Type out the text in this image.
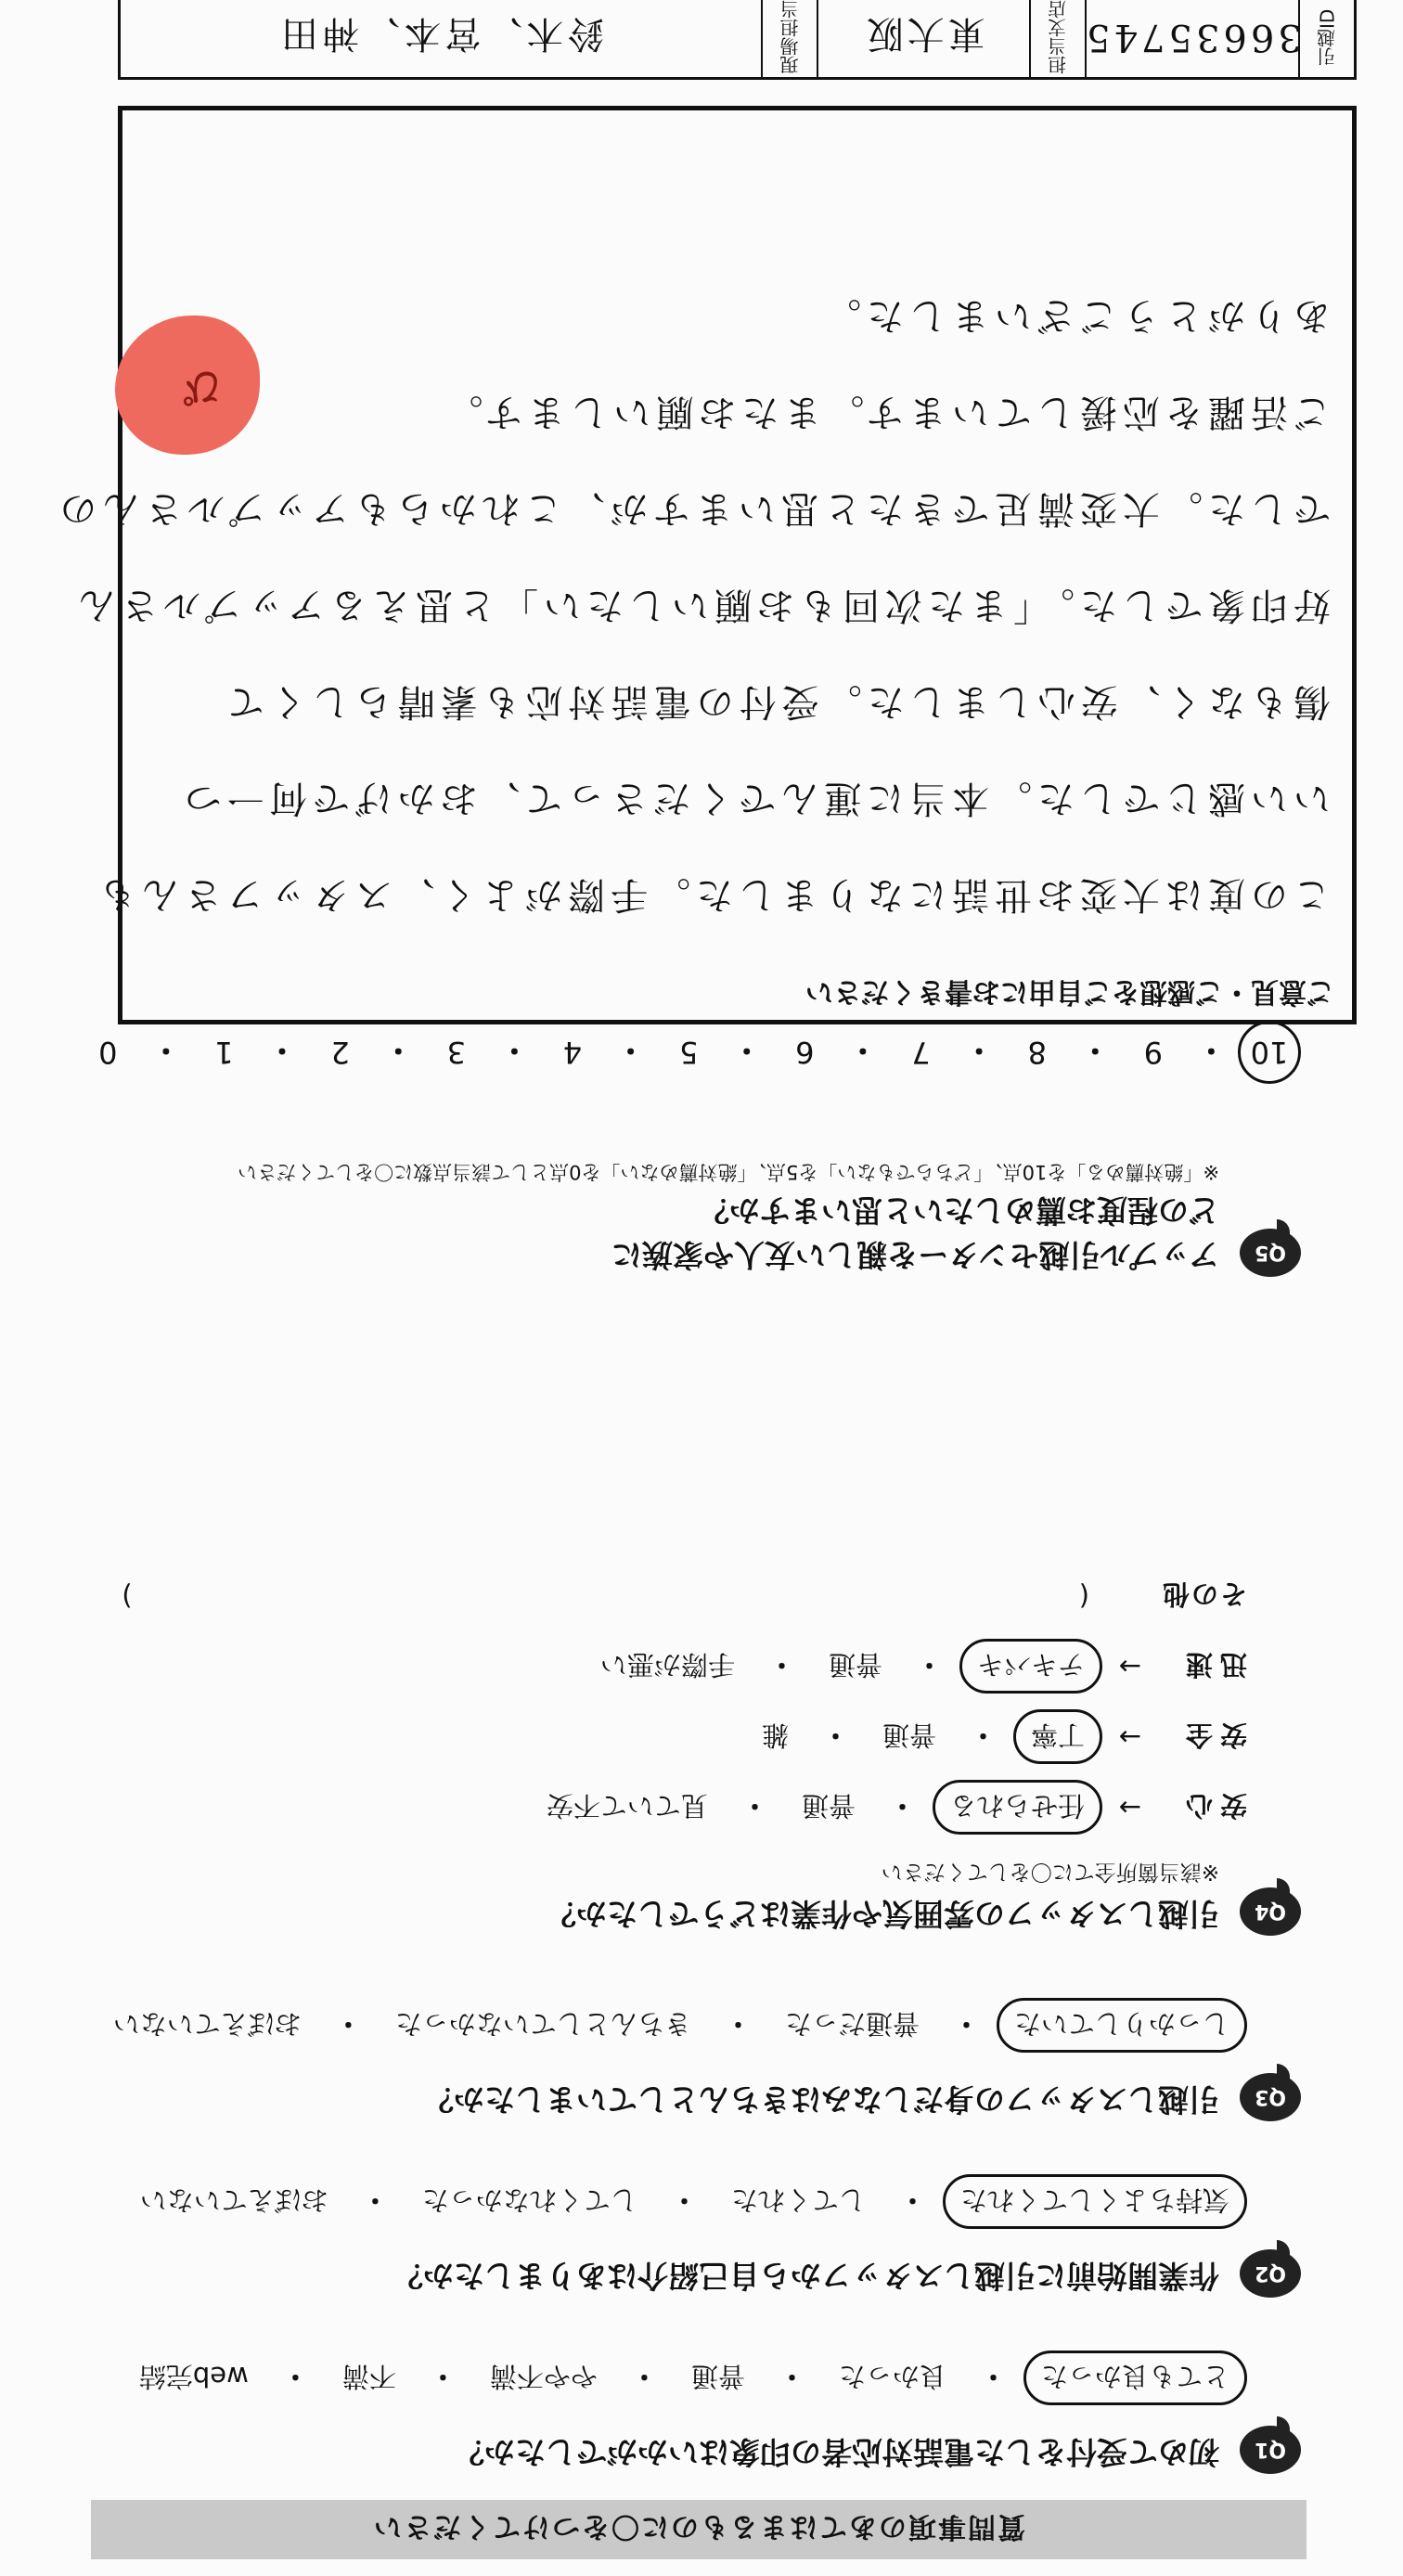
質問事項のあてはまるものに〇をつけてください
Q1
初めて受付をした電話対応者の印象はいかがでしたか？
とても良かった
・
良かった
・
普通
・
やや不満
・
不満
・
web完結
Q2
作業開始前に引越しスタッフから自己紹介はありましたか？
気持ちよくしてくれた
・
してくれた
・
してくれなかった
・
おぼえていない
Q3
引越しスタッフの身だしなみはきちんとしていましたか？
しっかりしていた
・
普通だった
・
きちんとしていなかった
・
おぼえていない
Q4
引越しスタッフの雰囲気や作業はどうでしたか？
※該当箇所全てに〇をしてください
安心
→
任せられる
・
普通
・
見ていて不安
安全
→
丁寧
・
普通
・
雑
迅速
→
テキパキ
・
普通
・
手際が悪い
その他
(
)
Q5
アップル引越センターを親しい友人や家族に
どの程度お薦めしたいと思いますか？
※「絶対薦める」を10点、「どちらでもない」を5点、「絶対薦めない」を0点として該当点数に〇をしてください
10
・
9
・
8
・
7
・
6
・
5
・
4
・
3
・
2
・
1
・
0
ご意見・ご感想をご自由にお書きください
この度は大変お世話になりました。手際がよく、スタッフさんも
いい感じでした。本当に運んでくださって、おかげで何一つ
傷もなく、安心しました。受付の電話対応も素晴らしくて
好印象でした。「また次回もお願いしたい」と思えるアップルさん
でした。大変満足できたと思いますが、これからもアップルさんの
ご活躍を応援しています。またお願いします。
ありがとうございました。
ぴ
引越ID
36635745
担当支店
東大阪
現場担当
鈴木、宮本、神田
